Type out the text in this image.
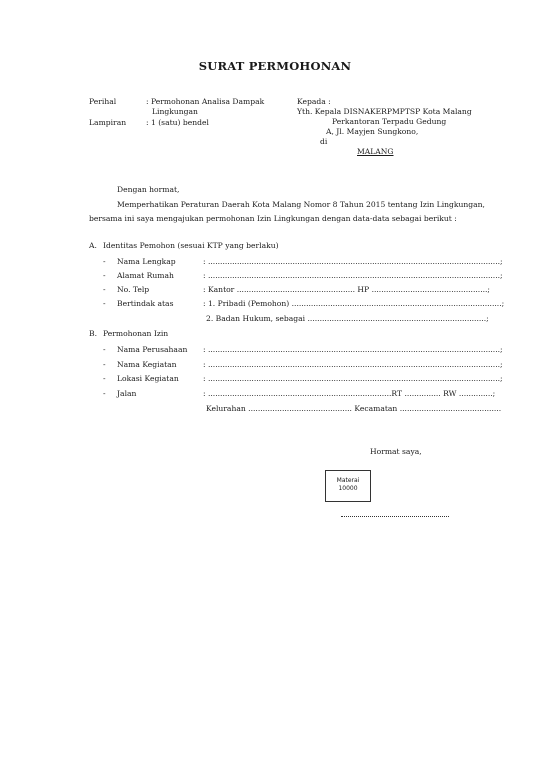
SURAT PERMOHONAN
Perihal	: Permohonan Analisa Dampak
Lingkungan
Lampiran	: 1 (satu) bendel
Kepada :
Yth. Kepala DISNAKERPMPTSP Kota Malang
Perkantoran Terpadu Gedung
A, Jl. Mayjen Sungkono,
di
MALANG
Dengan hormat,
Memperhatikan Peraturan Daerah Kota Malang Nomor 8 Tahun 2015 tentang Izin Lingkungan,
bersama ini saya mengajukan permohonan Izin Lingkungan dengan data-data sebagai berikut :
A. Identitas Pemohon (sesuai KTP yang berlaku)
- Nama Lengkap	: .........................................................................................................................;
- Alamat Rumah	: .........................................................................................................................;
- No. Telp	: Kantor ................................................. HP ................................................;
- Bertindak atas	: 1. Pribadi (Pemohon) .......................................................................................;
2. Badan Hukum, sebagai ..........................................................................;
B. Permohonan Izin
- Nama Perusahaan : .........................................................................................................................;
- Nama Kegiatan	: .........................................................................................................................;
- Lokasi Kegiatan	: .........................................................................................................................;
- Jalan	: ............................................................................RT ............... RW ..............;
Kelurahan ........................................... Kecamatan ..........................................
Hormat saya,
Materai
10000
